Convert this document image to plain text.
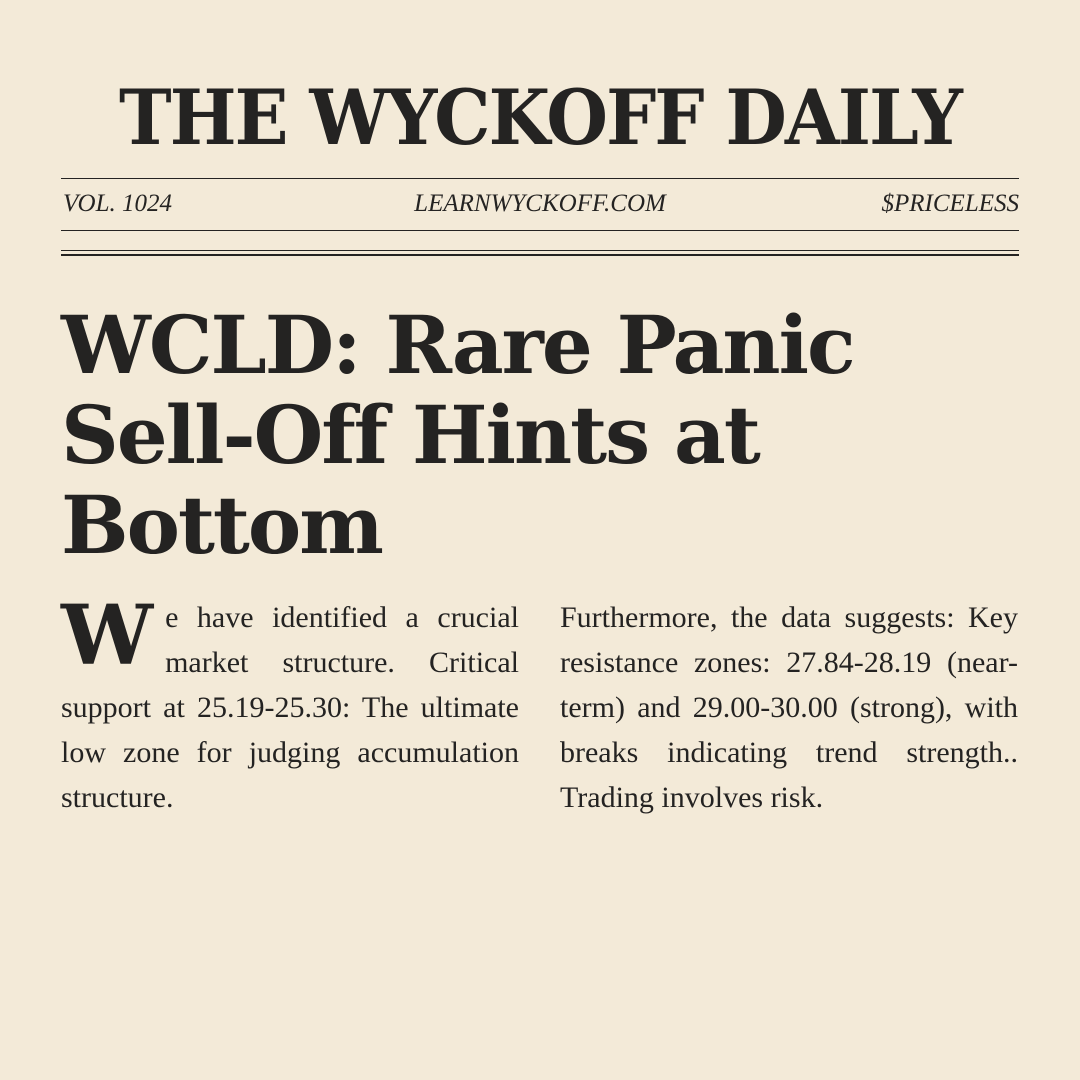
THE WYCKOFF DAILY
VOL. 1024	LEARNWYCKOFF.COM	$PRICELESS
WCLD: Rare Panic Sell-Off Hints at Bottom

We have identified a crucial market structure. Critical support at 25.19-25.30: The ultimate low zone for judging accumulation structure.

Furthermore, the data suggests: Key resistance zones: 27.84-28.19 (near-term) and 29.00-30.00 (strong), with breaks indicating trend strength.. Trading involves risk.
